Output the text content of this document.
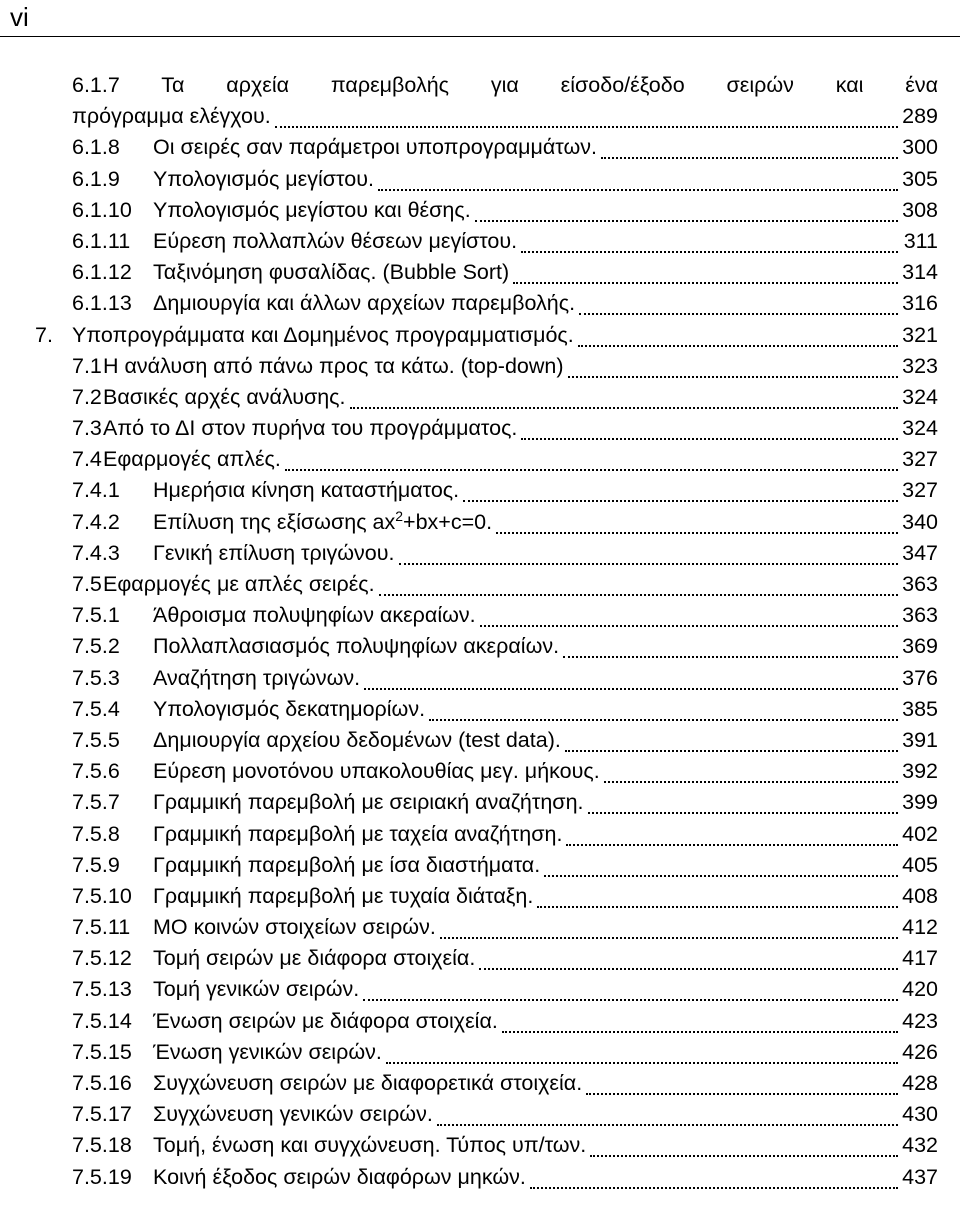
vi
6.1.7 Τα αρχεία παρεμβολής για είσοδο/έξοδο σειρών και ένα
πρόγραμμα ελέγχου.	289
6.1.8 Οι σειρές σαν παράμετροι υποπρογραμμάτων.	300
6.1.9 Υπολογισμός μεγίστου.	305
6.1.10 Υπολογισμός μεγίστου και θέσης.	308
6.1.11 Εύρεση πολλαπλών θέσεων μεγίστου.	311
6.1.12 Ταξινόμηση φυσαλίδας. (Bubble Sort)	314
6.1.13 Δημιουργία και άλλων αρχείων παρεμβολής.	316
7. Υποπρογράμματα και Δομημένος προγραμματισμός.	321
7.1 Η ανάλυση από πάνω προς τα κάτω. (top-down)	323
7.2 Βασικές αρχές ανάλυσης.	324
7.3 Από το ΔΙ στον πυρήνα του προγράμματος.	324
7.4 Εφαρμογές απλές.	327
7.4.1 Ημερήσια κίνηση καταστήματος.	327
7.4.2 Επίλυση της εξίσωσης $ax^2+bx+c=0$.	340
7.4.3 Γενική επίλυση τριγώνου.	347
7.5 Εφαρμογές με απλές σειρές.	363
7.5.1 Άθροισμα πολυψηφίων ακεραίων.	363
7.5.2 Πολλαπλασιασμός πολυψηφίων ακεραίων.	369
7.5.3 Αναζήτηση τριγώνων.	376
7.5.4 Υπολογισμός δεκατημορίων.	385
7.5.5 Δημιουργία αρχείου δεδομένων (test data).	391
7.5.6 Εύρεση μονοτόνου υπακολουθίας μεγ. μήκους.	392
7.5.7 Γραμμική παρεμβολή με σειριακή αναζήτηση.	399
7.5.8 Γραμμική παρεμβολή με ταχεία αναζήτηση.	402
7.5.9 Γραμμική παρεμβολή με ίσα διαστήματα.	405
7.5.10 Γραμμική παρεμβολή με τυχαία διάταξη.	408
7.5.11 ΜΟ κοινών στοιχείων σειρών.	412
7.5.12 Τομή σειρών με διάφορα στοιχεία.	417
7.5.13 Τομή γενικών σειρών.	420
7.5.14 Ένωση σειρών με διάφορα στοιχεία.	423
7.5.15 Ένωση γενικών σειρών.	426
7.5.16 Συγχώνευση σειρών με διαφορετικά στοιχεία.	428
7.5.17 Συγχώνευση γενικών σειρών.	430
7.5.18 Τομή, ένωση και συγχώνευση. Τύπος υπ/των.	432
7.5.19 Κοινή έξοδος σειρών διαφόρων μηκών.	437
